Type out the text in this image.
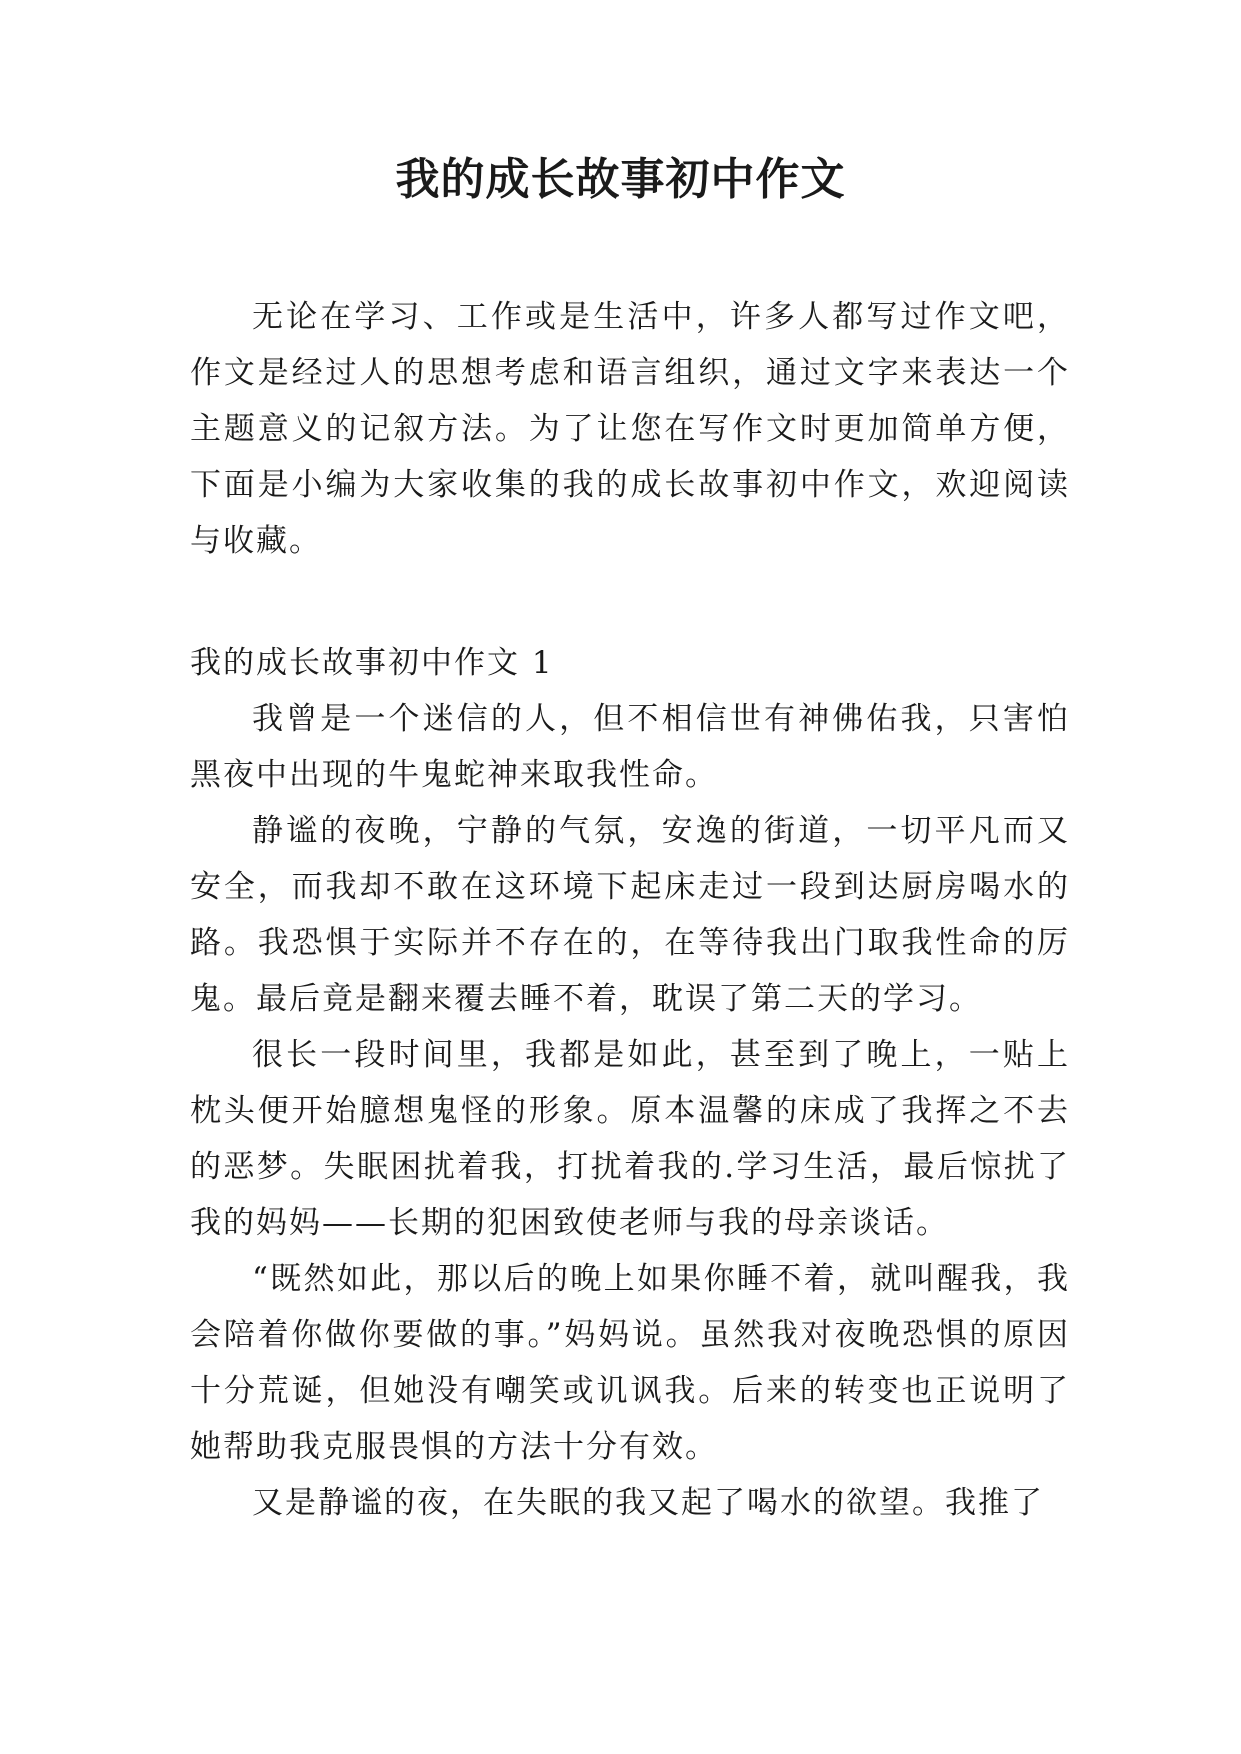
我的成长故事初中作文

无论在学习、工作或是生活中，许多人都写过作文吧，作文是经过人的思想考虑和语言组织，通过文字来表达一个主题意义的记叙方法。为了让您在写作文时更加简单方便，下面是小编为大家收集的我的成长故事初中作文，欢迎阅读与收藏。

我的成长故事初中作文 1

我曾是一个迷信的人，但不相信世有神佛佑我，只害怕黑夜中出现的牛鬼蛇神来取我性命。

静谧的夜晚，宁静的气氛，安逸的街道，一切平凡而又安全，而我却不敢在这环境下起床走过一段到达厨房喝水的路。我恐惧于实际并不存在的，在等待我出门取我性命的厉鬼。最后竟是翻来覆去睡不着，耽误了第二天的学习。

很长一段时间里，我都是如此，甚至到了晚上，一贴上枕头便开始臆想鬼怪的形象。原本温馨的床成了我挥之不去的恶梦。失眠困扰着我，打扰着我的.学习生活，最后惊扰了我的妈妈——长期的犯困致使老师与我的母亲谈话。

“既然如此，那以后的晚上如果你睡不着，就叫醒我，我会陪着你做你要做的事。”妈妈说。虽然我对夜晚恐惧的原因十分荒诞，但她没有嘲笑或讥讽我。后来的转变也正说明了她帮助我克服畏惧的方法十分有效。

又是静谧的夜，在失眠的我又起了喝水的欲望。我推了
